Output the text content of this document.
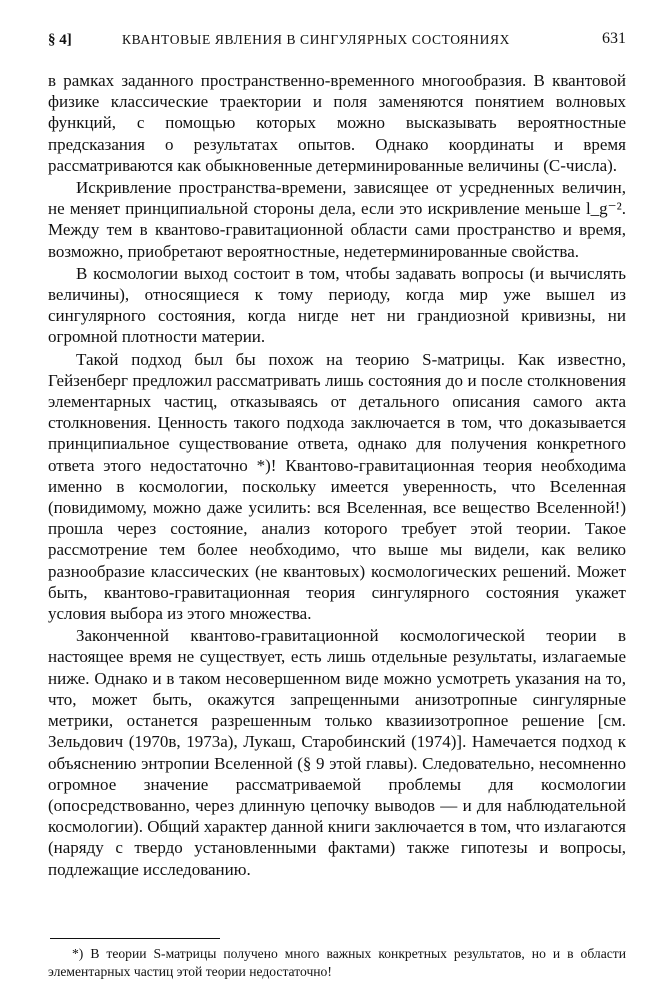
§ 4]	КВАНТОВЫЕ ЯВЛЕНИЯ В СИНГУЛЯРНЫХ СОСТОЯНИЯХ	631

в рамках заданного пространственно-временного многообразия. В квантовой физике классические траектории и поля заменяются понятием волновых функций, с помощью которых можно высказывать вероятностные предсказания о результатах опытов. Однако координаты и время рассматриваются как обыкновенные детерминированные величины (C-числа).

Искривление пространства-времени, зависящее от усредненных величин, не меняет принципиальной стороны дела, если это искривление меньше l_g⁻². Между тем в квантово-гравитационной области сами пространство и время, возможно, приобретают вероятностные, недетерминированные свойства.

В космологии выход состоит в том, чтобы задавать вопросы (и вычислять величины), относящиеся к тому периоду, когда мир уже вышел из сингулярного состояния, когда нигде нет ни грандиозной кривизны, ни огромной плотности материи.

Такой подход был бы похож на теорию S-матрицы. Как известно, Гейзенберг предложил рассматривать лишь состояния до и после столкновения элементарных частиц, отказываясь от детального описания самого акта столкновения. Ценность такого подхода заключается в том, что доказывается принципиальное существование ответа, однако для получения конкретного ответа этого недостаточно *)! Квантово-гравитационная теория необходима именно в космологии, поскольку имеется уверенность, что Вселенная (повидимому, можно даже усилить: вся Вселенная, все вещество Вселенной!) прошла через состояние, анализ которого требует этой теории. Такое рассмотрение тем более необходимо, что выше мы видели, как велико разнообразие классических (не квантовых) космологических решений. Может быть, квантово-гравитационная теория сингулярного состояния укажет условия выбора из этого множества.

Законченной квантово-гравитационной космологической теории в настоящее время не существует, есть лишь отдельные результаты, излагаемые ниже. Однако и в таком несовершенном виде можно усмотреть указания на то, что, может быть, окажутся запрещенными анизотропные сингулярные метрики, останется разрешенным только квазиизотропное решение [см. Зельдович (1970в, 1973а), Лукаш, Старобинский (1974)]. Намечается подход к объяснению энтропии Вселенной (§ 9 этой главы). Следовательно, несомненно огромное значение рассматриваемой проблемы для космологии (опосредствованно, через длинную цепочку выводов — и для наблюдательной космологии). Общий характер данной книги заключается в том, что излагаются (наряду с твердо установленными фактами) также гипотезы и вопросы, подлежащие исследованию.

*) В теории S-матрицы получено много важных конкретных результатов, но и в области элементарных частиц этой теории недостаточно!
